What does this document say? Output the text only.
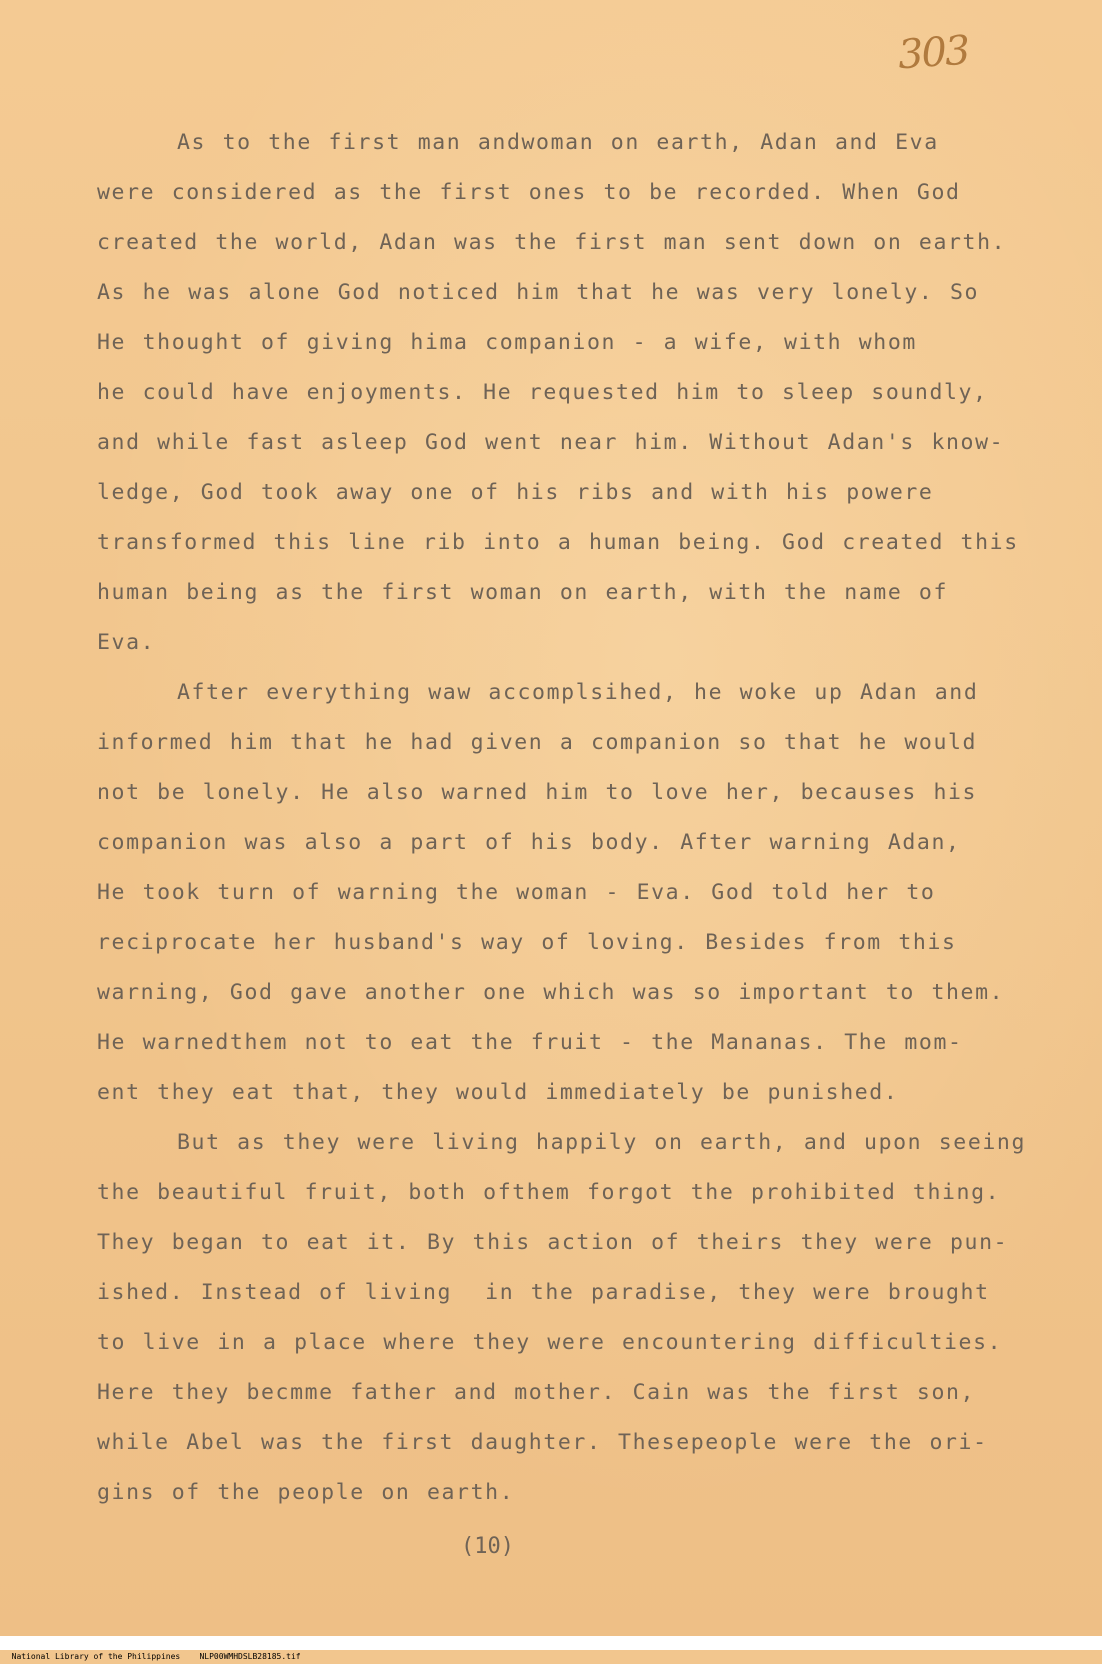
303
As to the first man andwoman on earth, Adan and Eva
were considered as the first ones to be recorded. When God
created the world, Adan was the first man sent down on earth.
As he was alone God noticed him that he was very lonely. So
He thought of giving hima companion - a wife, with whom
he could have enjoyments. He requested him to sleep soundly,
and while fast asleep God went near him. Without Adan's know-
ledge, God took away one of his ribs and with his powere
transformed this line rib into a human being. God created this
human being as the first woman on earth, with the name of
Eva.
After everything waw accomplsihed, he woke up Adan and
informed him that he had given a companion so that he would
not be lonely. He also warned him to love her, becauses his
companion was also a part of his body. After warning Adan,
He took turn of warning the woman - Eva. God told her to
reciprocate her husband's way of loving. Besides from this
warning, God gave another one which was so important to them.
He warnedthem not to eat the fruit - the Mananas. The mom-
ent they eat that, they would immediately be punished.
But as they were living happily on earth, and upon seeing
the beautiful fruit, both ofthem forgot the prohibited thing.
They began to eat it. By this action of theirs they were pun-
ished. Instead of living  in the paradise, they were brought
to live in a place where they were encountering difficulties.
Here they becmme father and mother. Cain was the first son,
while Abel was the first daughter. Thesepeople were the ori-
gins of the people on earth.
(10)

National Library of the Philippines    NLP00WMHDSLB28185.tif
